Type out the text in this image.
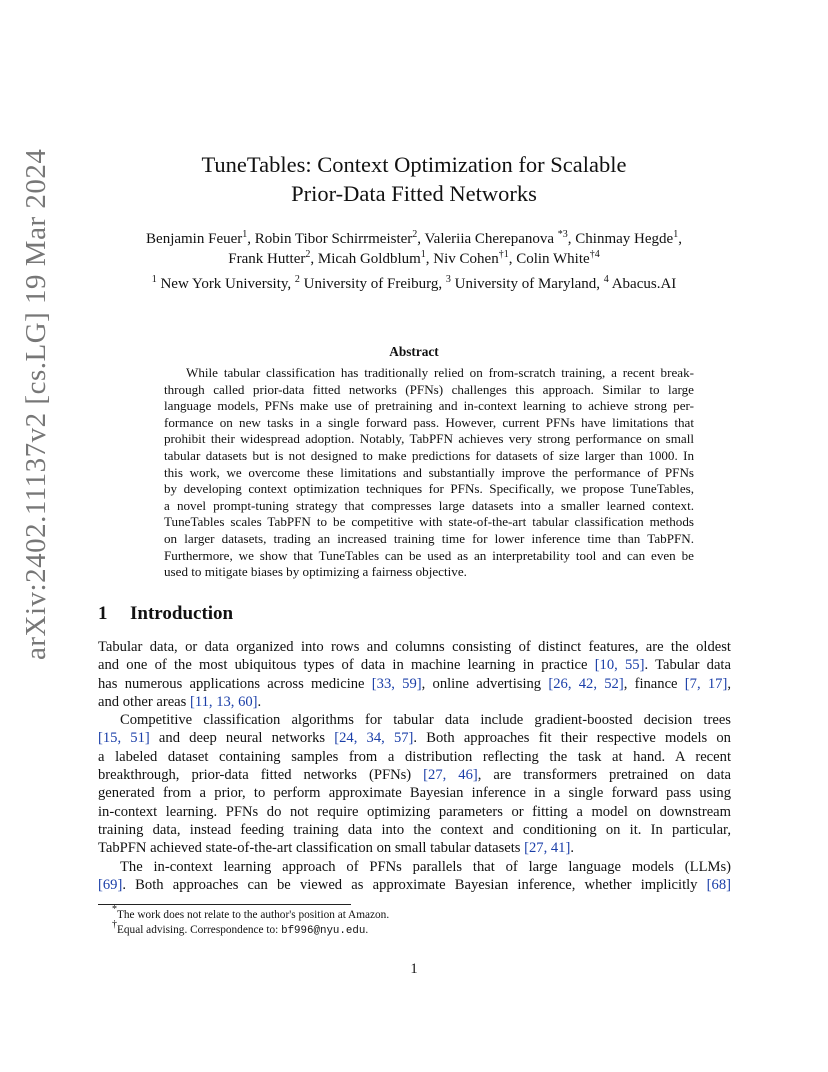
arXiv:2402.11137v2 [cs.LG] 19 Mar 2024	TuneTables: Context Optimization for Scalable
Prior-Data Fitted Networks
Benjamin Feuer$^1$, Robin Tibor Schirrmeister$^2$, Valeriia Cherepanova $^{*3}$, Chinmay Hegde$^1$,
Frank Hutter$^2$, Micah Goldblum$^1$, Niv Cohen$^{\dagger 1}$, Colin White$^{\dagger 4}$
$^1$ New York University, $^2$ University of Freiburg, $^3$ University of Maryland, $^4$ Abacus.AI
Abstract
While tabular classification has traditionally relied on from-scratch training, a recent break-
through called prior-data fitted networks (PFNs) challenges this approach. Similar to large
language models, PFNs make use of pretraining and in-context learning to achieve strong per-
formance on new tasks in a single forward pass. However, current PFNs have limitations that
prohibit their widespread adoption. Notably, TabPFN achieves very strong performance on small
tabular datasets but is not designed to make predictions for datasets of size larger than 1000. In
this work, we overcome these limitations and substantially improve the performance of PFNs
by developing context optimization techniques for PFNs. Specifically, we propose TuneTables,
a novel prompt-tuning strategy that compresses large datasets into a smaller learned context.
TuneTables scales TabPFN to be competitive with state-of-the-art tabular classification methods
on larger datasets, trading an increased training time for lower inference time than TabPFN.
Furthermore, we show that TuneTables can be used as an interpretability tool and can even be
used to mitigate biases by optimizing a fairness objective.
1 Introduction
Tabular data, or data organized into rows and columns consisting of distinct features, are the oldest
and one of the most ubiquitous types of data in machine learning in practice [10, 55]. Tabular data
has numerous applications across medicine [33, 59], online advertising [26, 42, 52], finance [7, 17],
and other areas [11, 13, 60].
Competitive classification algorithms for tabular data include gradient-boosted decision trees
[15, 51] and deep neural networks [24, 34, 57]. Both approaches fit their respective models on
a labeled dataset containing samples from a distribution reflecting the task at hand. A recent
breakthrough, prior-data fitted networks (PFNs) [27, 46], are transformers pretrained on data
generated from a prior, to perform approximate Bayesian inference in a single forward pass using
in-context learning. PFNs do not require optimizing parameters or fitting a model on downstream
training data, instead feeding training data into the context and conditioning on it. In particular,
TabPFN achieved state-of-the-art classification on small tabular datasets [27, 41].
The in-context learning approach of PFNs parallels that of large language models (LLMs)
[69]. Both approaches can be viewed as approximate Bayesian inference, whether implicitly [68]
*The work does not relate to the author's position at Amazon.
†Equal advising. Correspondence to: bf996@nyu.edu.
1
